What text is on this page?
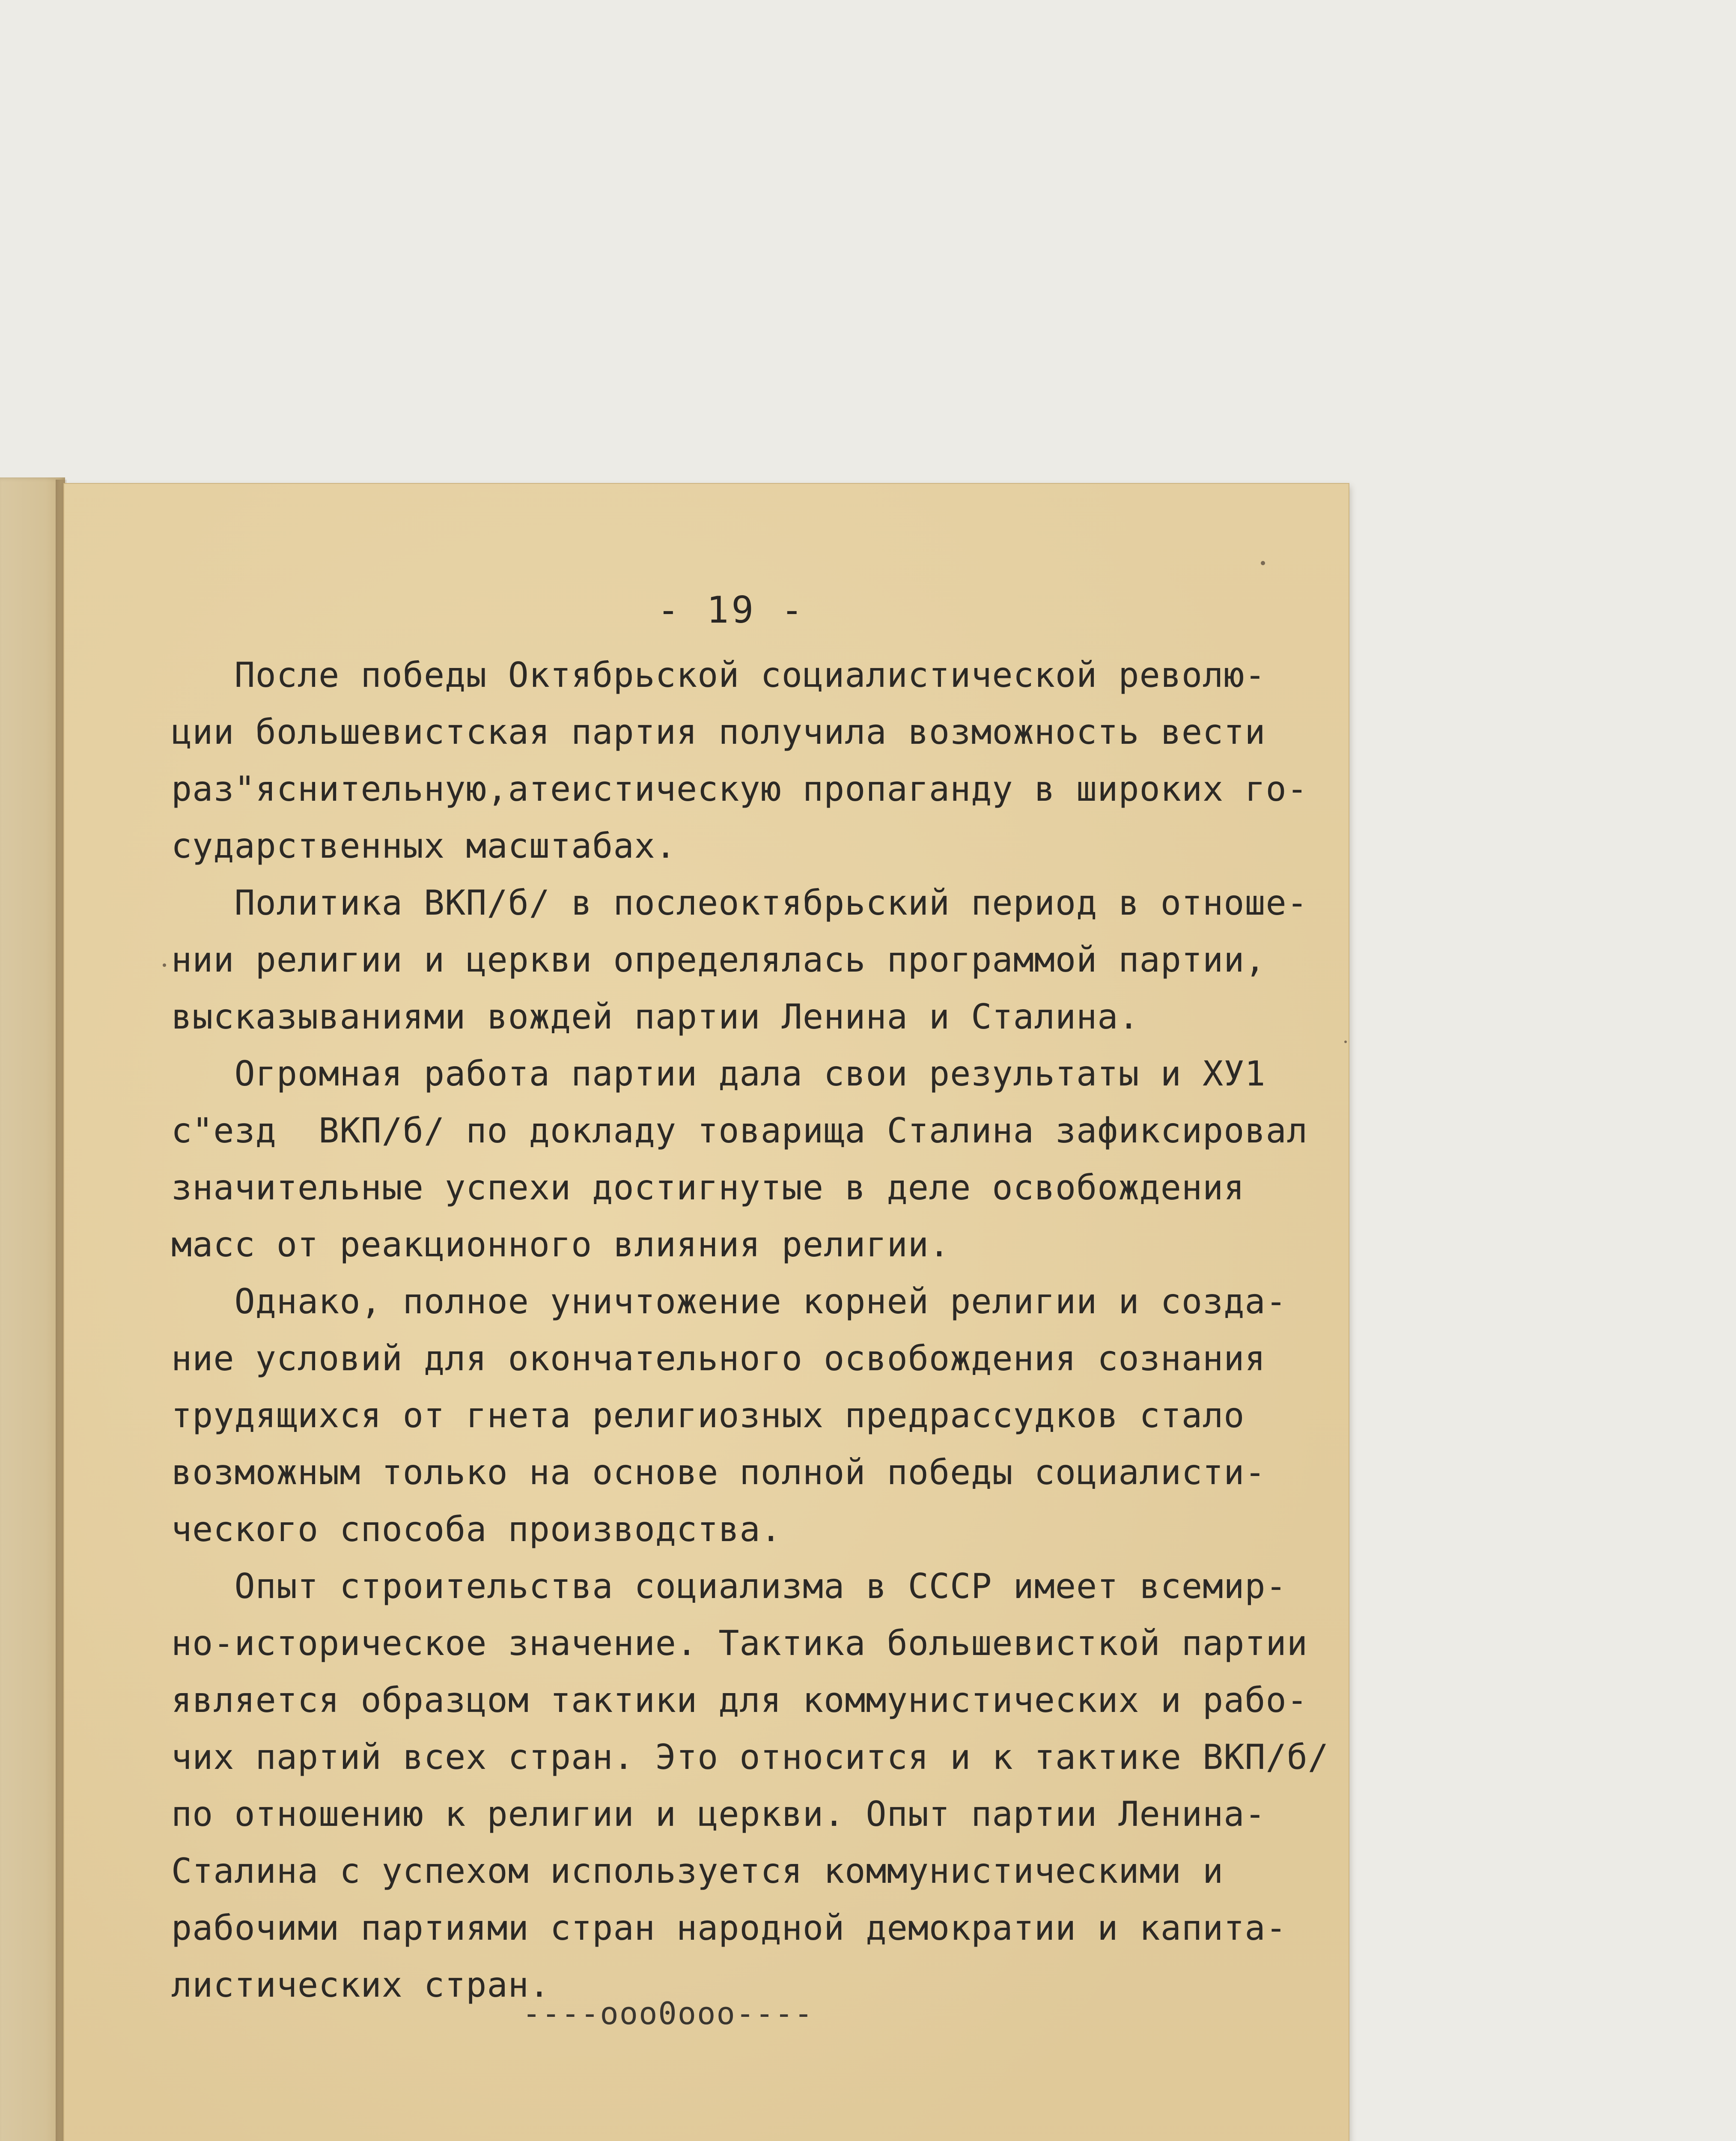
- 19 -
После победы Октябрьской социалистической револю-
ции большевистская партия получила возможность вести
раз"яснительную,атеистическую пропаганду в широких го-
сударственных масштабах.
Политика ВКП/б/ в послеоктябрьский период в отноше-
нии религии и церкви определялась программой партии,
высказываниями вождей партии Ленина и Сталина.
Огромная работа партии дала свои результаты и ХУ1
с"езд  ВКП/б/ по докладу товарища Сталина зафиксировал
значительные успехи достигнутые в деле освобождения
масс от реакционного влияния религии.
Однако, полное уничтожение корней религии и созда-
ние условий для окончательного освобождения сознания
трудящихся от гнета религиозных предрассудков стало
возможным только на основе полной победы социалисти-
ческого способа производства.
Опыт строительства социализма в СССР имеет всемир-
но-историческое значение. Тактика большевисткой партии
является образцом тактики для коммунистических и рабо-
чих партий всех стран. Это относится и к тактике ВКП/б/
по отношению к религии и церкви. Опыт партии Ленина-
Сталина с успехом используется коммунистическими и
рабочими партиями стран народной демократии и капита-
листических стран.
----ооо0ооо----
